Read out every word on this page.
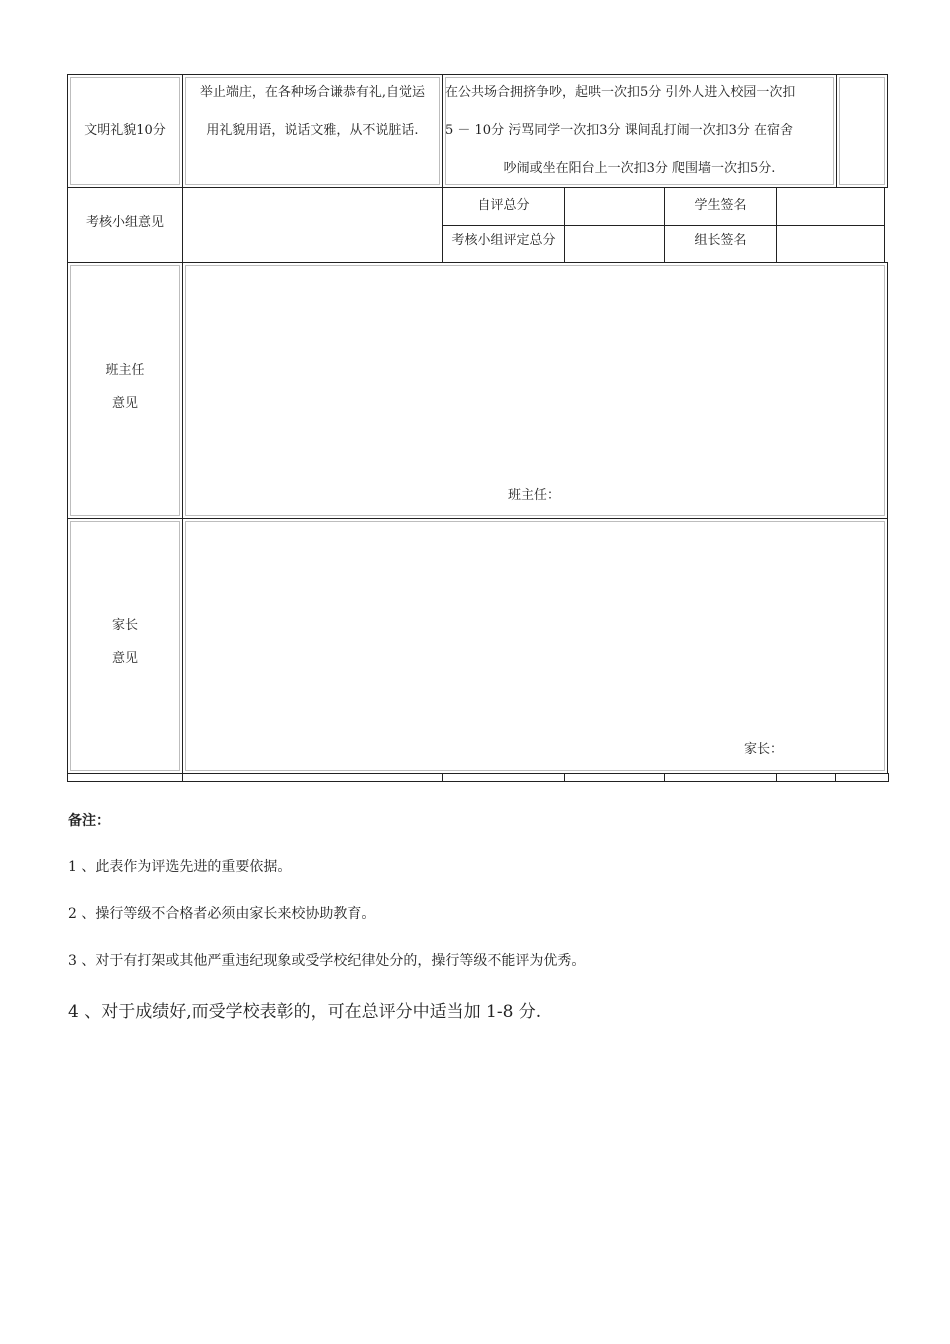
文明礼貌10分
举止端庄，在各种场合谦恭有礼,自觉运
用礼貌用语，说话文雅，从不说脏话.
在公共场合拥挤争吵，起哄一次扣5分 引外人进入校园一次扣
5 － 10分 污骂同学一次扣3分 课间乱打闹一次扣3分 在宿舍
吵闹或坐在阳台上一次扣3分 爬围墙一次扣5分.
考核小组意见
自评总分	学生签名
考核小组评定总分	组长签名
班主任
意见
班主任：
家长
意见
家长：
备注：
1 、此表作为评选先进的重要依据。
2 、操行等级不合格者必须由家长来校协助教育。
3 、对于有打架或其他严重违纪现象或受学校纪律处分的，操行等级不能评为优秀。
4 、对于成绩好,而受学校表彰的，可在总评分中适当加 1-8 分.
